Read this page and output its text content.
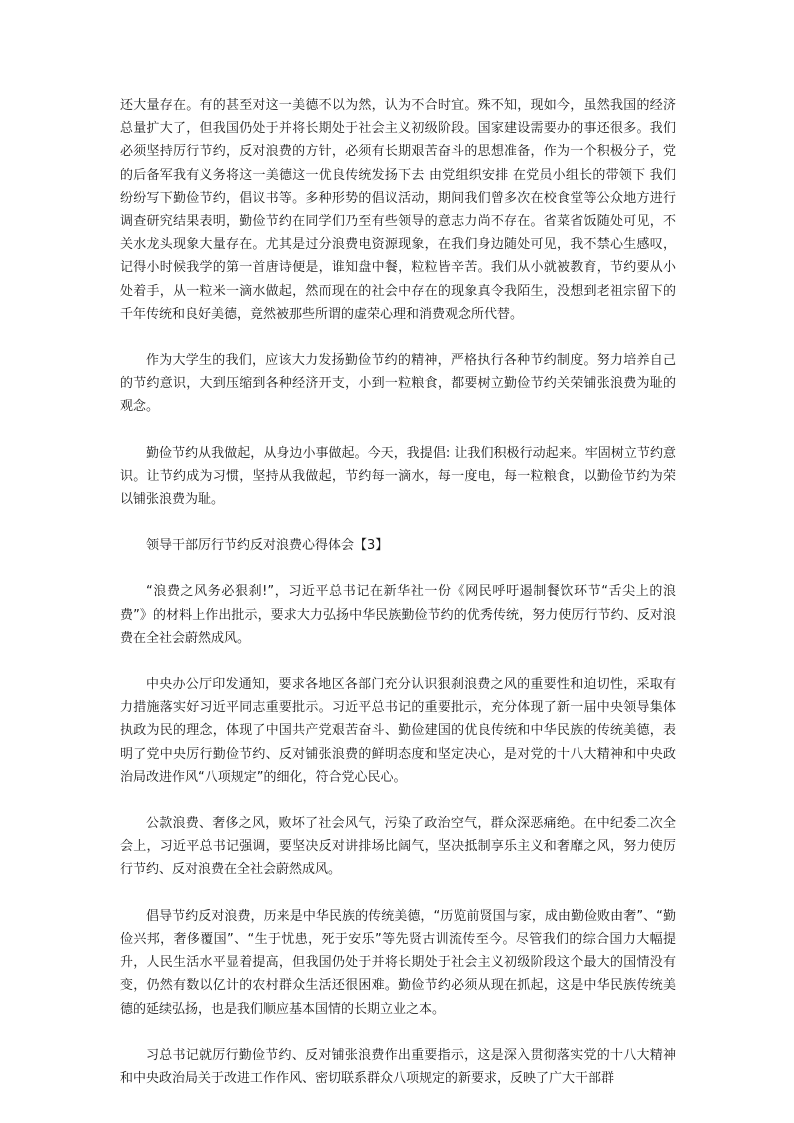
还大量存在。有的甚至对这一美德不以为然，认为不合时宜。殊不知，现如今，虽然我国的经济总量扩大了，但我国仍处于并将长期处于社会主义初级阶段。国家建设需要办的事还很多。我们必须坚持厉行节约，反对浪费的方针，必须有长期艰苦奋斗的思想准备，作为一个积极分子，党的后备军我有义务将这一美德这一优良传统发扬下去 由党组织安排 在党员小组长的带领下 我们纷纷写下勤俭节约，倡议书等。多种形势的倡议活动，期间我们曾多次在校食堂等公众地方进行调查研究结果表明，勤俭节约在同学们乃至有些领导的意志力尚不存在。省菜省饭随处可见，不关水龙头现象大量存在。尤其是过分浪费电资源现象，在我们身边随处可见，我不禁心生感叹，记得小时候我学的第一首唐诗便是，谁知盘中餐，粒粒皆辛苦。我们从小就被教育，节约要从小处着手，从一粒米一滴水做起，然而现在的社会中存在的现象真令我陌生，没想到老祖宗留下的千年传统和良好美德，竟然被那些所谓的虚荣心理和消费观念所代替。

作为大学生的我们，应该大力发扬勤俭节约的精神，严格执行各种节约制度。努力培养自己的节约意识，大到压缩到各种经济开支，小到一粒粮食，都要树立勤俭节约关荣铺张浪费为耻的观念。

勤俭节约从我做起，从身边小事做起。今天，我提倡: 让我们积极行动起来。牢固树立节约意识。让节约成为习惯，坚持从我做起，节约每一滴水，每一度电，每一粒粮食，以勤俭节约为荣以铺张浪费为耻。

领导干部厉行节约反对浪费心得体会【3】

“浪费之风务必狠刹!”，习近平总书记在新华社一份《网民呼吁遏制餐饮环节“舌尖上的浪费”》的材料上作出批示，要求大力弘扬中华民族勤俭节约的优秀传统，努力使厉行节约、反对浪费在全社会蔚然成风。

中央办公厅印发通知，要求各地区各部门充分认识狠刹浪费之风的重要性和迫切性，采取有力措施落实好习近平同志重要批示。习近平总书记的重要批示，充分体现了新一届中央领导集体执政为民的理念，体现了中国共产党艰苦奋斗、勤俭建国的优良传统和中华民族的传统美德，表明了党中央厉行勤俭节约、反对铺张浪费的鲜明态度和坚定决心，是对党的十八大精神和中央政治局改进作风“八项规定”的细化，符合党心民心。

公款浪费、奢侈之风，败坏了社会风气，污染了政治空气，群众深恶痛绝。在中纪委二次全会上，习近平总书记强调，要坚决反对讲排场比阔气，坚决抵制享乐主义和奢靡之风，努力使厉行节约、反对浪费在全社会蔚然成风。

倡导节约反对浪费，历来是中华民族的传统美德，“历览前贤国与家，成由勤俭败由奢”、“勤俭兴邦，奢侈覆国”、“生于忧患，死于安乐”等先贤古训流传至今。尽管我们的综合国力大幅提升，人民生活水平显着提高，但我国仍处于并将长期处于社会主义初级阶段这个最大的国情没有变，仍然有数以亿计的农村群众生活还很困难。勤俭节约必须从现在抓起，这是中华民族传统美德的延续弘扬，也是我们顺应基本国情的长期立业之本。

习总书记就厉行勤俭节约、反对铺张浪费作出重要指示，这是深入贯彻落实党的十八大精神和中央政治局关于改进工作作风、密切联系群众八项规定的新要求，反映了广大干部群
